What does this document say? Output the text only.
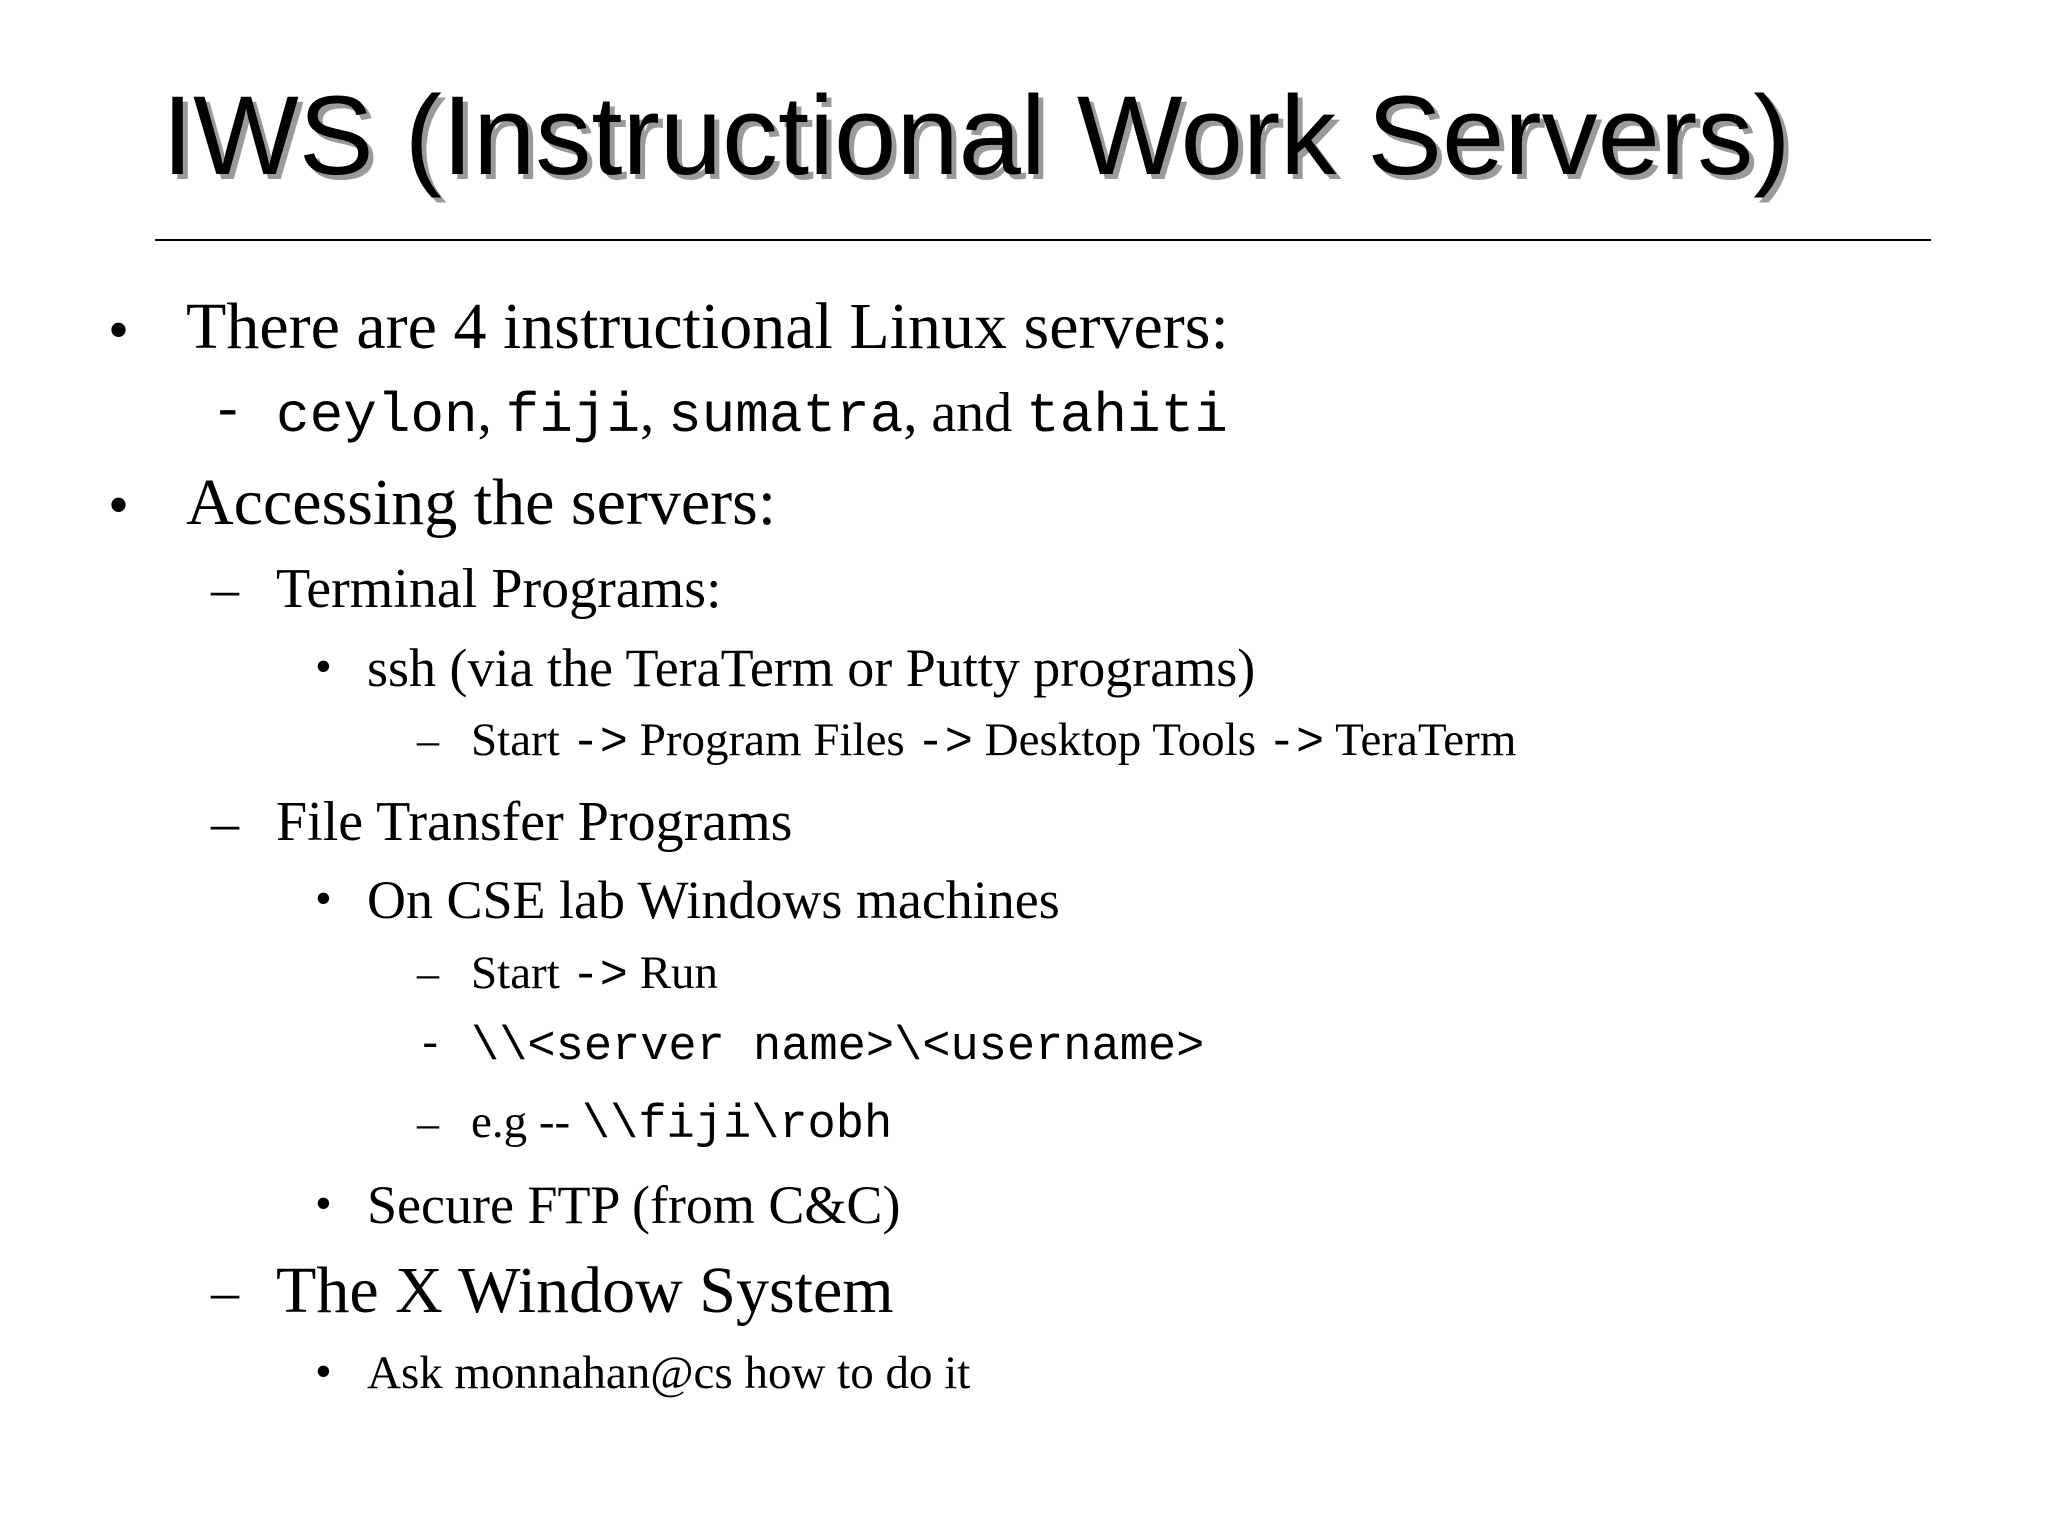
IWS (Instructional Work Servers)
• There are 4 instructional Linux servers:
- ceylon, fiji, sumatra, and tahiti
• Accessing the servers:
– Terminal Programs:
• ssh (via the TeraTerm or Putty programs)
– Start -> Program Files -> Desktop Tools -> TeraTerm
– File Transfer Programs
• On CSE lab Windows machines
– Start -> Run
- \\<server name>\<username>
– e.g -- \\fiji\robh
• Secure FTP (from C&C)
– The X Window System
• Ask monnahan@cs how to do it
